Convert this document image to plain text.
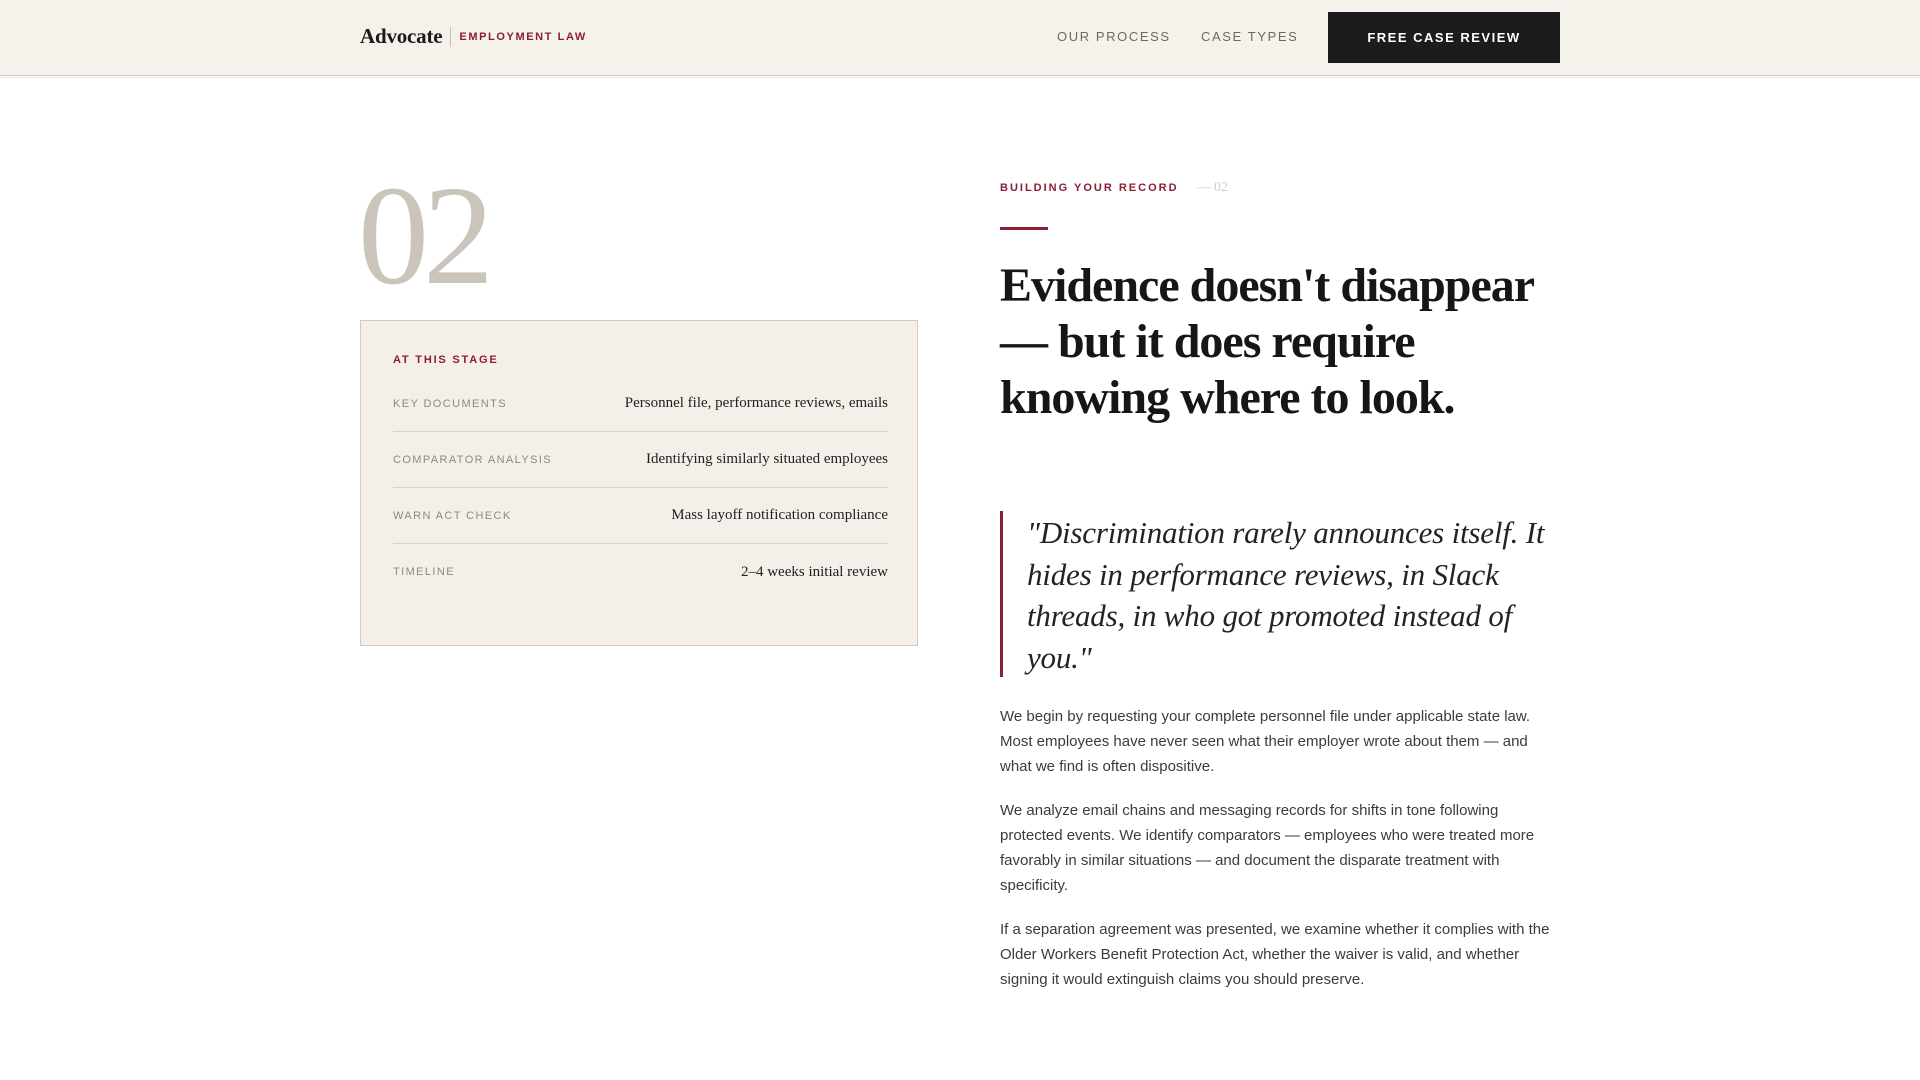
Advocate EMPLOYMENT LAW	OUR PROCESS CASE TYPES	FREE CASE REVIEW
02
AT THIS STAGE
KEY DOCUMENTS	Personnel file, performance reviews, emails
COMPARATOR ANALYSIS	Identifying similarly situated employees
WARN ACT CHECK	Mass layoff notification compliance
TIMELINE	2–4 weeks initial review
BUILDING YOUR RECORD — 02
Evidence doesn't disappear — but it does require knowing where to look.
"Discrimination rarely announces itself. It hides in performance reviews, in Slack threads, in who got promoted instead of you."

We begin by requesting your complete personnel file under applicable state law. Most employees have never seen what their employer wrote about them — and what we find is often dispositive.

We analyze email chains and messaging records for shifts in tone following protected events. We identify comparators — employees who were treated more favorably in similar situations — and document the disparate treatment with specificity.

If a separation agreement was presented, we examine whether it complies with the Older Workers Benefit Protection Act, whether the waiver is valid, and whether signing it would extinguish claims you should preserve.
